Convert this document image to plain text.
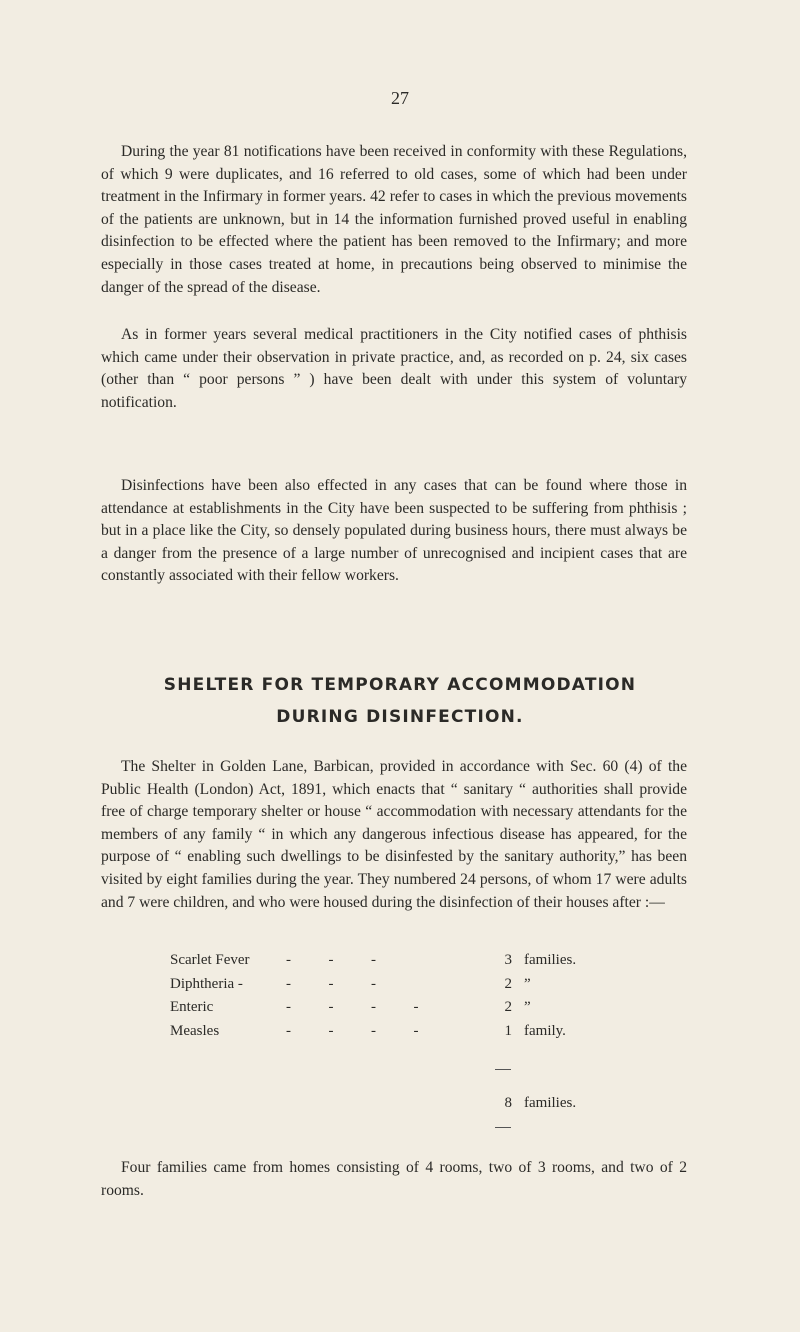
27

During the year 81 notifications have been received in conformity with these Regulations, of which 9 were duplicates, and 16 referred to old cases, some of which had been under treatment in the Infirmary in former years. 42 refer to cases in which the previous movements of the patients are unknown, but in 14 the information furnished proved useful in enabling disinfection to be effected where the patient has been removed to the Infirmary; and more especially in those cases treated at home, in precautions being observed to minimise the danger of the spread of the disease.

As in former years several medical practitioners in the City notified cases of phthisis which came under their observation in private practice, and, as recorded on p. 24, six cases (other than “ poor persons ” ) have been dealt with under this system of voluntary notification.

Disinfections have been also effected in any cases that can be found where those in attendance at establishments in the City have been suspected to be suffering from phthisis ; but in a place like the City, so densely populated during business hours, there must always be a danger from the presence of a large number of unrecognised and incipient cases that are constantly associated with their fellow workers.

SHELTER FOR TEMPORARY ACCOMMODATION
DURING DISINFECTION.

The Shelter in Golden Lane, Barbican, provided in accordance with Sec. 60 (4) of the Public Health (London) Act, 1891, which enacts that “ sanitary “ authorities shall provide free of charge temporary shelter or house “ accommodation with necessary attendants for the members of any family “ in which any dangerous infectious disease has appeared, for the purpose of “ enabling such dwellings to be disinfested by the sanitary authority,” has been visited by eight families during the year. They numbered 24 persons, of whom 17 were adults and 7 were children, and who were housed during the disinfection of their houses after :—

Scarlet Fever -          -          -	3 families.
Diphtheria -	-          -          -	2 ”
Enteric	-          -          -          -	2 ”
Measles	-          -          -          -	1 family.
8 families.

Four families came from homes consisting of 4 rooms, two of 3 rooms, and two of 2 rooms.
